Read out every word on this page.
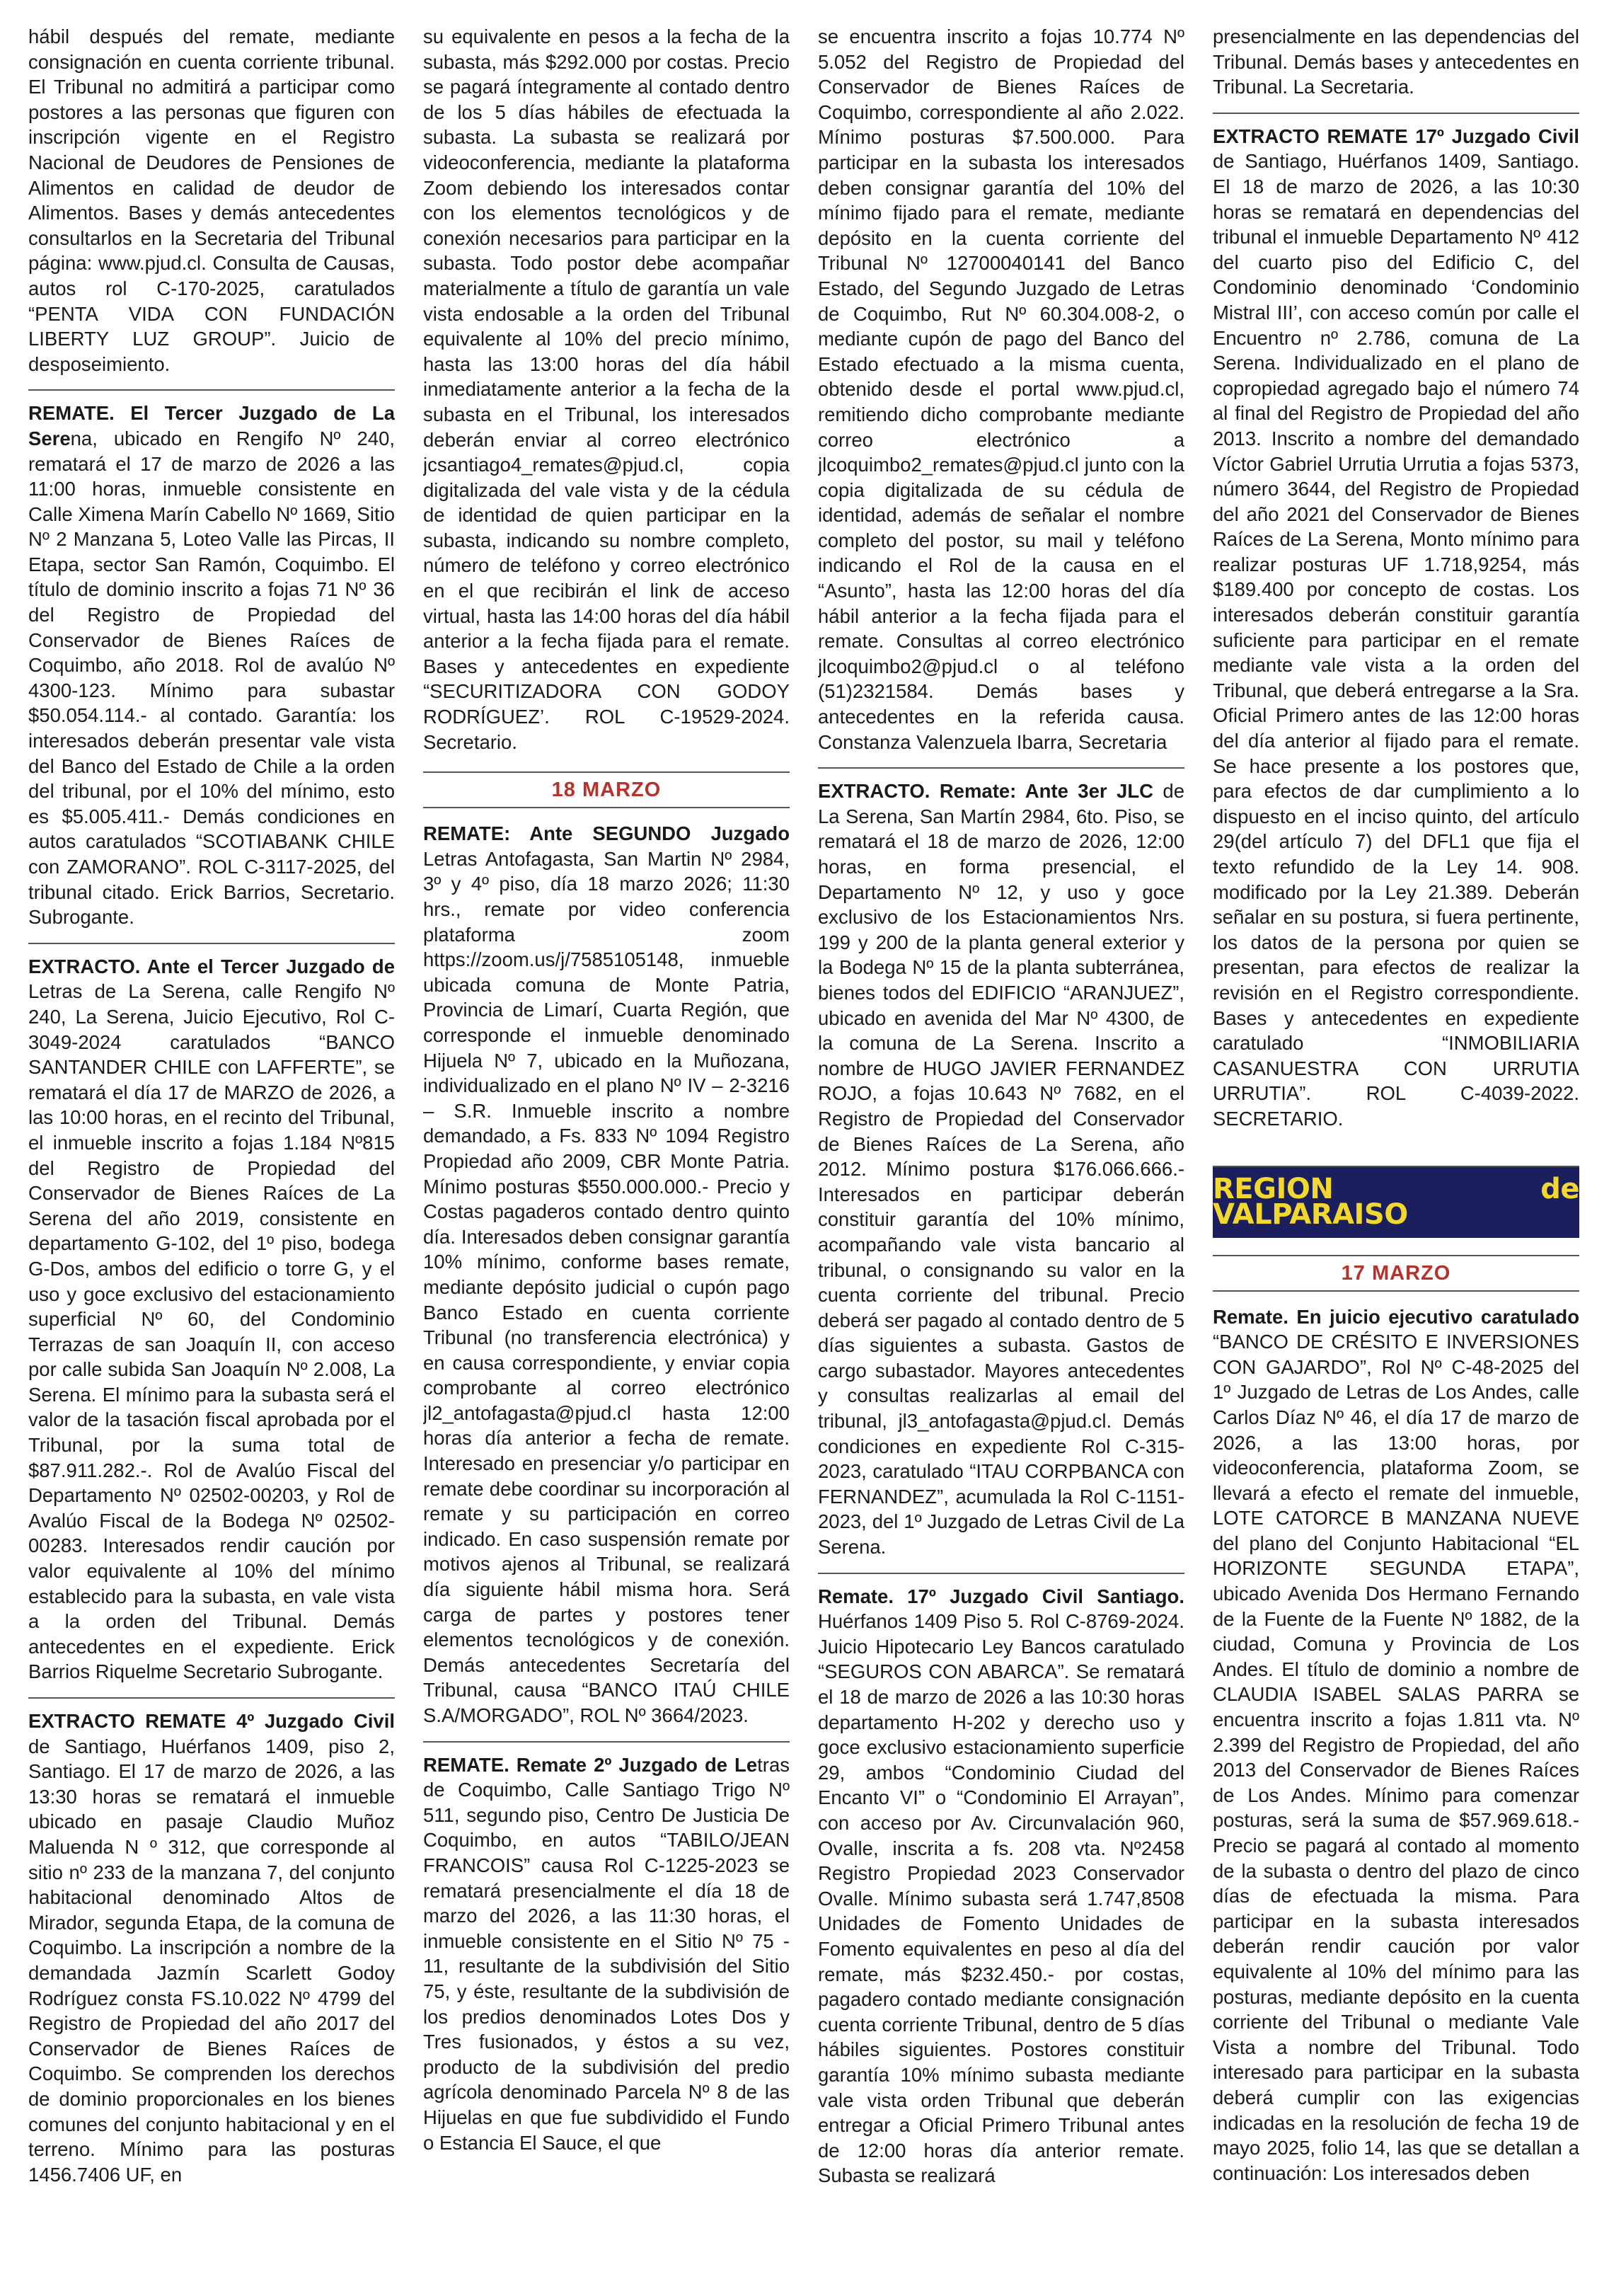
hábil después del remate, mediante consignación en cuenta corriente tribunal. El Tribunal no admitirá a participar como postores a las personas que figuren con inscripción vigente en el Registro Nacional de Deudores de Pensiones de Alimentos en calidad de deudor de Alimentos. Bases y demás antecedentes consultarlos en la Secretaria del Tribunal página: www.pjud.cl. Consulta de Causas, autos rol C-170-2025, caratulados “PENTA VIDA CON FUNDACIÓN LIBERTY LUZ GROUP”. Juicio de desposeimiento.

REMATE. El Tercer Juzgado de La Serena, ubicado en Rengifo Nº 240, rematará el 17 de marzo de 2026 a las 11:00 horas, inmueble consistente en Calle Ximena Marín Cabello Nº 1669, Sitio Nº 2 Manzana 5, Loteo Valle las Pircas, II Etapa, sector San Ramón, Coquimbo. El título de dominio inscrito a fojas 71 Nº 36 del Registro de Propiedad del Conservador de Bienes Raíces de Coquimbo, año 2018. Rol de avalúo Nº 4300-123. Mínimo para subastar $50.054.114.- al contado. Garantía: los interesados deberán presentar vale vista del Banco del Estado de Chile a la orden del tribunal, por el 10% del mínimo, esto es $5.005.411.- Demás condiciones en autos caratulados “SCOTIABANK CHILE con ZAMORANO”. ROL C-3117-2025, del tribunal citado. Erick Barrios, Secretario. Subrogante.

EXTRACTO. Ante el Tercer Juzgado de Letras de La Serena, calle Rengifo Nº 240, La Serena, Juicio Ejecutivo, Rol C-3049-2024 caratulados “BANCO SANTANDER CHILE con LAFFERTE”, se rematará el día 17 de MARZO de 2026, a las 10:00 horas, en el recinto del Tribunal, el inmueble inscrito a fojas 1.184 Nº815 del Registro de Propiedad del Conservador de Bienes Raíces de La Serena del año 2019, consistente en departamento G-102, del 1º piso, bodega G-Dos, ambos del edificio o torre G, y el uso y goce exclusivo del estacionamiento superficial Nº 60, del Condominio Terrazas de san Joaquín II, con acceso por calle subida San Joaquín Nº 2.008, La Serena. El mínimo para la subasta será el valor de la tasación fiscal aprobada por el Tribunal, por la suma total de $87.911.282.-. Rol de Avalúo Fiscal del Departamento Nº 02502-00203, y Rol de Avalúo Fiscal de la Bodega Nº 02502-00283. Interesados rendir caución por valor equivalente al 10% del mínimo establecido para la subasta, en vale vista a la orden del Tribunal. Demás antecedentes en el expediente. Erick Barrios Riquelme Secretario Subrogante.

EXTRACTO REMATE 4º Juzgado Civil de Santiago, Huérfanos 1409, piso 2, Santiago. El 17 de marzo de 2026, a las 13:30 horas se rematará el inmueble ubicado en pasaje Claudio Muñoz Maluenda N º 312, que corresponde al sitio nº 233 de la manzana 7, del conjunto habitacional denominado Altos de Mirador, segunda Etapa, de la comuna de Coquimbo. La inscripción a nombre de la demandada Jazmín Scarlett Godoy Rodríguez consta FS.10.022 Nº 4799 del Registro de Propiedad del año 2017 del Conservador de Bienes Raíces de Coquimbo. Se comprenden los derechos de dominio proporcionales en los bienes comunes del conjunto habitacional y en el terreno. Mínimo para las posturas 1456.7406 UF, en

su equivalente en pesos a la fecha de la subasta, más $292.000 por costas. Precio se pagará íntegramente al contado dentro de los 5 días hábiles de efectuada la subasta. La subasta se realizará por videoconferencia, mediante la plataforma Zoom debiendo los interesados contar con los elementos tecnológicos y de conexión necesarios para participar en la subasta. Todo postor debe acompañar materialmente a título de garantía un vale vista endosable a la orden del Tribunal equivalente al 10% del precio mínimo, hasta las 13:00 horas del día hábil inmediatamente anterior a la fecha de la subasta en el Tribunal, los interesados deberán enviar al correo electrónico jcsantiago4_remates@pjud.cl, copia digitalizada del vale vista y de la cédula de identidad de quien participar en la subasta, indicando su nombre completo, número de teléfono y correo electrónico en el que recibirán el link de acceso virtual, hasta las 14:00 horas del día hábil anterior a la fecha fijada para el remate. Bases y antecedentes en expediente “SECURITIZADORA CON GODOY RODRÍGUEZ’. ROL C-19529-2024. Secretario.

18 MARZO

REMATE: Ante SEGUNDO Juzgado Letras Antofagasta, San Martin Nº 2984, 3º y 4º piso, día 18 marzo 2026; 11:30 hrs., remate por video conferencia plataforma zoom https://zoom.us/j/7585105148, inmueble ubicada comuna de Monte Patria, Provincia de Limarí, Cuarta Región, que corresponde el inmueble denominado Hijuela Nº 7, ubicado en la Muñozana, individualizado en el plano Nº IV – 2-3216 – S.R. Inmueble inscrito a nombre demandado, a Fs. 833 Nº 1094 Registro Propiedad año 2009, CBR Monte Patria. Mínimo posturas $550.000.000.- Precio y Costas pagaderos contado dentro quinto día. Interesados deben consignar garantía 10% mínimo, conforme bases remate, mediante depósito judicial o cupón pago Banco Estado en cuenta corriente Tribunal (no transferencia electrónica) y en causa correspondiente, y enviar copia comprobante al correo electrónico jl2_antofagasta@pjud.cl hasta 12:00 horas día anterior a fecha de remate. Interesado en presenciar y/o participar en remate debe coordinar su incorporación al remate y su participación en correo indicado. En caso suspensión remate por motivos ajenos al Tribunal, se realizará día siguiente hábil misma hora. Será carga de partes y postores tener elementos tecnológicos y de conexión. Demás antecedentes Secretaría del Tribunal, causa “BANCO ITAÚ CHILE S.A/MORGADO”, ROL Nº 3664/2023.

REMATE. Remate 2º Juzgado de Letras de Coquimbo, Calle Santiago Trigo Nº 511, segundo piso, Centro De Justicia De Coquimbo, en autos “TABILO/JEAN FRANCOIS” causa Rol C-1225-2023 se rematará presencialmente el día 18 de marzo del 2026, a las 11:30 horas, el inmueble consistente en el Sitio Nº 75 - 11, resultante de la subdivisión del Sitio 75, y éste, resultante de la subdivisión de los predios denominados Lotes Dos y Tres fusionados, y éstos a su vez, producto de la subdivisión del predio agrícola denominado Parcela Nº 8 de las Hijuelas en que fue subdividido el Fundo o Estancia El Sauce, el que

se encuentra inscrito a fojas 10.774 Nº 5.052 del Registro de Propiedad del Conservador de Bienes Raíces de Coquimbo, correspondiente al año 2.022. Mínimo posturas $7.500.000. Para participar en la subasta los interesados deben consignar garantía del 10% del mínimo fijado para el remate, mediante depósito en la cuenta corriente del Tribunal Nº 12700040141 del Banco Estado, del Segundo Juzgado de Letras de Coquimbo, Rut Nº 60.304.008-2, o mediante cupón de pago del Banco del Estado efectuado a la misma cuenta, obtenido desde el portal www.pjud.cl, remitiendo dicho comprobante mediante correo electrónico a jlcoquimbo2_remates@pjud.cl junto con la copia digitalizada de su cédula de identidad, además de señalar el nombre completo del postor, su mail y teléfono indicando el Rol de la causa en el “Asunto”, hasta las 12:00 horas del día hábil anterior a la fecha fijada para el remate. Consultas al correo electrónico jlcoquimbo2@pjud.cl o al teléfono (51)2321584. Demás bases y antecedentes en la referida causa. Constanza Valenzuela Ibarra, Secretaria

EXTRACTO. Remate: Ante 3er JLC de La Serena, San Martín 2984, 6to. Piso, se rematará el 18 de marzo de 2026, 12:00 horas, en forma presencial, el Departamento Nº 12, y uso y goce exclusivo de los Estacionamientos Nrs. 199 y 200 de la planta general exterior y la Bodega Nº 15 de la planta subterránea, bienes todos del EDIFICIO “ARANJUEZ”, ubicado en avenida del Mar Nº 4300, de la comuna de La Serena. Inscrito a nombre de HUGO JAVIER FERNANDEZ ROJO, a fojas 10.643 Nº 7682, en el Registro de Propiedad del Conservador de Bienes Raíces de La Serena, año 2012. Mínimo postura $176.066.666.- Interesados en participar deberán constituir garantía del 10% mínimo, acompañando vale vista bancario al tribunal, o consignando su valor en la cuenta corriente del tribunal. Precio deberá ser pagado al contado dentro de 5 días siguientes a subasta. Gastos de cargo subastador. Mayores antecedentes y consultas realizarlas al email del tribunal, jl3_antofagasta@pjud.cl. Demás condiciones en expediente Rol C-315-2023, caratulado “ITAU CORPBANCA con FERNANDEZ”, acumulada la Rol C-1151-2023, del 1º Juzgado de Letras Civil de La Serena.

Remate. 17º Juzgado Civil Santiago. Huérfanos 1409 Piso 5. Rol C-8769-2024. Juicio Hipotecario Ley Bancos caratulado “SEGUROS CON ABARCA”. Se rematará el 18 de marzo de 2026 a las 10:30 horas departamento H-202 y derecho uso y goce exclusivo estacionamiento superficie 29, ambos “Condominio Ciudad del Encanto VI” o “Condominio El Arrayan”, con acceso por Av. Circunvalación 960, Ovalle, inscrita a fs. 208 vta. Nº2458 Registro Propiedad 2023 Conservador Ovalle. Mínimo subasta será 1.747,8508 Unidades de Fomento Unidades de Fomento equivalentes en peso al día del remate, más $232.450.- por costas, pagadero contado mediante consignación cuenta corriente Tribunal, dentro de 5 días hábiles siguientes. Postores constituir garantía 10% mínimo subasta mediante vale vista orden Tribunal que deberán entregar a Oficial Primero Tribunal antes de 12:00 horas día anterior remate. Subasta se realizará

presencialmente en las dependencias del Tribunal. Demás bases y antecedentes en Tribunal. La Secretaria.

EXTRACTO REMATE 17º Juzgado Civil de Santiago, Huérfanos 1409, Santiago. El 18 de marzo de 2026, a las 10:30 horas se rematará en dependencias del tribunal el inmueble Departamento Nº 412 del cuarto piso del Edificio C, del Condominio denominado ‘Condominio Mistral III’, con acceso común por calle el Encuentro nº 2.786, comuna de La Serena. Individualizado en el plano de copropiedad agregado bajo el número 74 al final del Registro de Propiedad del año 2013. Inscrito a nombre del demandado Víctor Gabriel Urrutia Urrutia a fojas 5373, número 3644, del Registro de Propiedad del año 2021 del Conservador de Bienes Raíces de La Serena, Monto mínimo para realizar posturas UF 1.718,9254, más $189.400 por concepto de costas. Los interesados deberán constituir garantía suficiente para participar en el remate mediante vale vista a la orden del Tribunal, que deberá entregarse a la Sra. Oficial Primero antes de las 12:00 horas del día anterior al fijado para el remate. Se hace presente a los postores que, para efectos de dar cumplimiento a lo dispuesto en el inciso quinto, del artículo 29(del artículo 7) del DFL1 que fija el texto refundido de la Ley 14. 908. modificado por la Ley 21.389. Deberán señalar en su postura, si fuera pertinente, los datos de la persona por quien se presentan, para efectos de realizar la revisión en el Registro correspondiente. Bases y antecedentes en expediente caratulado “INMOBILIARIA CASANUESTRA CON URRUTIA URRUTIA”. ROL C-4039-2022. SECRETARIO.

REGION de VALPARAISO
17 MARZO

Remate. En juicio ejecutivo caratulado “BANCO DE CRÉSITO E INVERSIONES CON GAJARDO”, Rol Nº C-48-2025 del 1º Juzgado de Letras de Los Andes, calle Carlos Díaz Nº 46, el día 17 de marzo de 2026, a las 13:00 horas, por videoconferencia, plataforma Zoom, se llevará a efecto el remate del inmueble, LOTE CATORCE B MANZANA NUEVE del plano del Conjunto Habitacional “EL HORIZONTE SEGUNDA ETAPA”, ubicado Avenida Dos Hermano Fernando de la Fuente de la Fuente Nº 1882, de la ciudad, Comuna y Provincia de Los Andes. El título de dominio a nombre de CLAUDIA ISABEL SALAS PARRA se encuentra inscrito a fojas 1.811 vta. Nº 2.399 del Registro de Propiedad, del año 2013 del Conservador de Bienes Raíces de Los Andes. Mínimo para comenzar posturas, será la suma de $57.969.618.- Precio se pagará al contado al momento de la subasta o dentro del plazo de cinco días de efectuada la misma. Para participar en la subasta interesados deberán rendir caución por valor equivalente al 10% del mínimo para las posturas, mediante depósito en la cuenta corriente del Tribunal o mediante Vale Vista a nombre del Tribunal. Todo interesado para participar en la subasta deberá cumplir con las exigencias indicadas en la resolución de fecha 19 de mayo 2025, folio 14, las que se detallan a continuación: Los interesados deben
